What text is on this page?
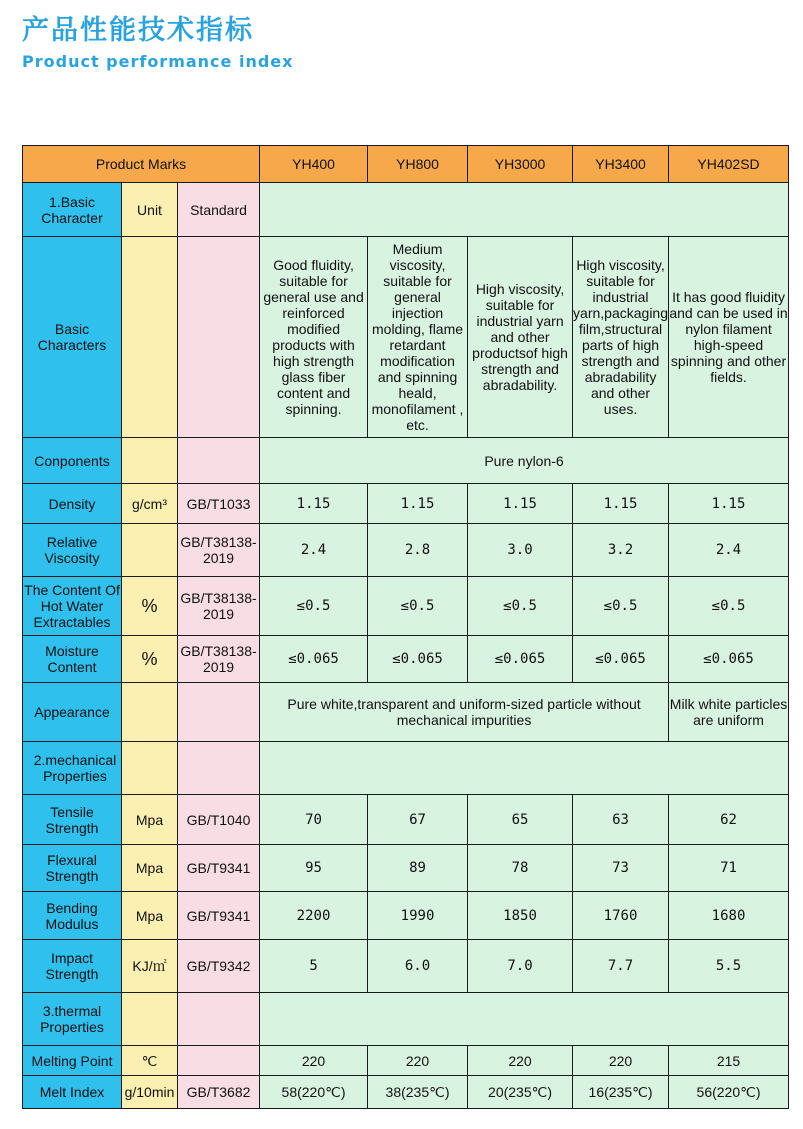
产品性能技术指标
Product performance index
Product Marks			YH400	YH800	YH3000	YH3400	YH402SD
1.Basic Character	Unit	Standard					
Basic Characters			Good fluidity, suitable for general use and reinforced modified products with high strength glass fiber content and spinning.	Medium viscosity, suitable for general injection molding, flame retardant modification and spinning heald, monofilament , etc.	High viscosity, suitable for industrial yarn and other productsof high strength and abradability.	High viscosity, suitable for industrial yarn,packaging film,structural parts of high strength and abradability and other uses.	It has good fluidity and can be used in nylon filament high-speed spinning and other fields.
Conponents			Pure nylon-6				
Density	g/cm³	GB/T1033	1.15	1.15	1.15	1.15	1.15
Relative Viscosity		GB/T38138-2019	2.4	2.8	3.0	3.2	2.4
The Content Of Hot Water Extractables	%	GB/T38138-2019	≤0.5	≤0.5	≤0.5	≤0.5	≤0.5
Moisture Content	%	GB/T38138-2019	≤0.065	≤0.065	≤0.065	≤0.065	≤0.065
Appearance			Pure white,transparent and uniform-sized particle without mechanical impurities				Milk white particles are uniform
2.mechanical Properties							
Tensile Strength	Mpa	GB/T1040	70	67	65	63	62
Flexural Strength	Mpa	GB/T9341	95	89	78	73	71
Bending Modulus	Mpa	GB/T9341	2200	1990	1850	1760	1680
Impact Strength	KJ/㎡	GB/T9342	5	6.0	7.0	7.7	5.5
3.thermal Properties							
Melting Point	℃		220	220	220	220	215
Melt Index	g/10min	GB/T3682	58(220℃)	38(235℃)	20(235℃)	16(235℃)	56(220℃)
